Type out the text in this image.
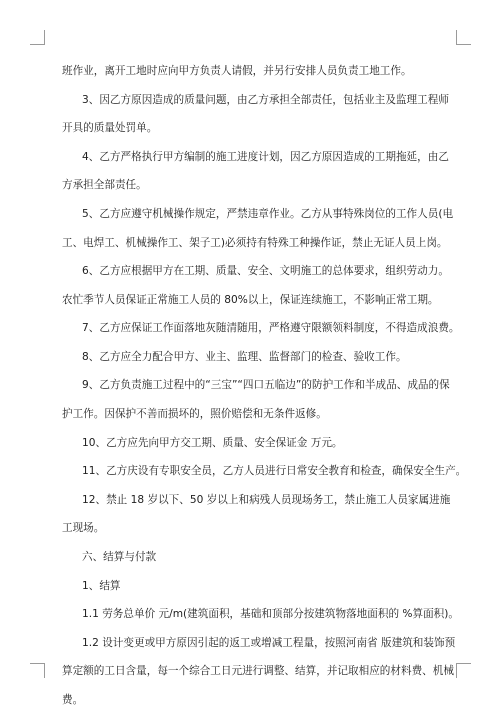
班作业，离开工地时应向甲方负责人请假，并另行安排人员负责工地工作。
3、因乙方原因造成的质量问题，由乙方承担全部责任，包括业主及监理工程师
开具的质量处罚单。
4、乙方严格执行甲方编制的施工进度计划，因乙方原因造成的工期拖延，由乙
方承担全部责任。
5、乙方应遵守机械操作规定，严禁违章作业。乙方从事特殊岗位的工作人员(电
工、电焊工、机械操作工、架子工)必须持有特殊工种操作证，禁止无证人员上岗。
6、乙方应根据甲方在工期、质量、安全、文明施工的总体要求，组织劳动力。
农忙季节人员保证正常施工人员的 80%以上，保证连续施工，不影响正常工期。
7、乙方应保证工作面落地灰随清随用，严格遵守限额领料制度，不得造成浪费。
8、乙方应全力配合甲方、业主、监理、监督部门的检查、验收工作。
9、乙方负责施工过程中的“三宝”“四口五临边”的防护工作和半成品、成品的保
护工作。因保护不善而损坏的，照价赔偿和无条件返修。
10、乙方应先向甲方交工期、质量、安全保证金 万元。
11、乙方庆设有专职安全员，乙方人员进行日常安全教育和检查，确保安全生产。
12、禁止 18 岁以下、50 岁以上和病残人员现场务工，禁止施工人员家属进施
工现场。
六、结算与付款
1、结算
1.1 劳务总单价 元/m(建筑面积，基础和顶部分按建筑物落地面积的 %算面积)。
1.2 设计变更或甲方原因引起的返工或增减工程量，按照河南省 版建筑和装饰预
算定额的工日含量，每一个综合工日元进行调整、结算，并记取相应的材料费、机械
费。
